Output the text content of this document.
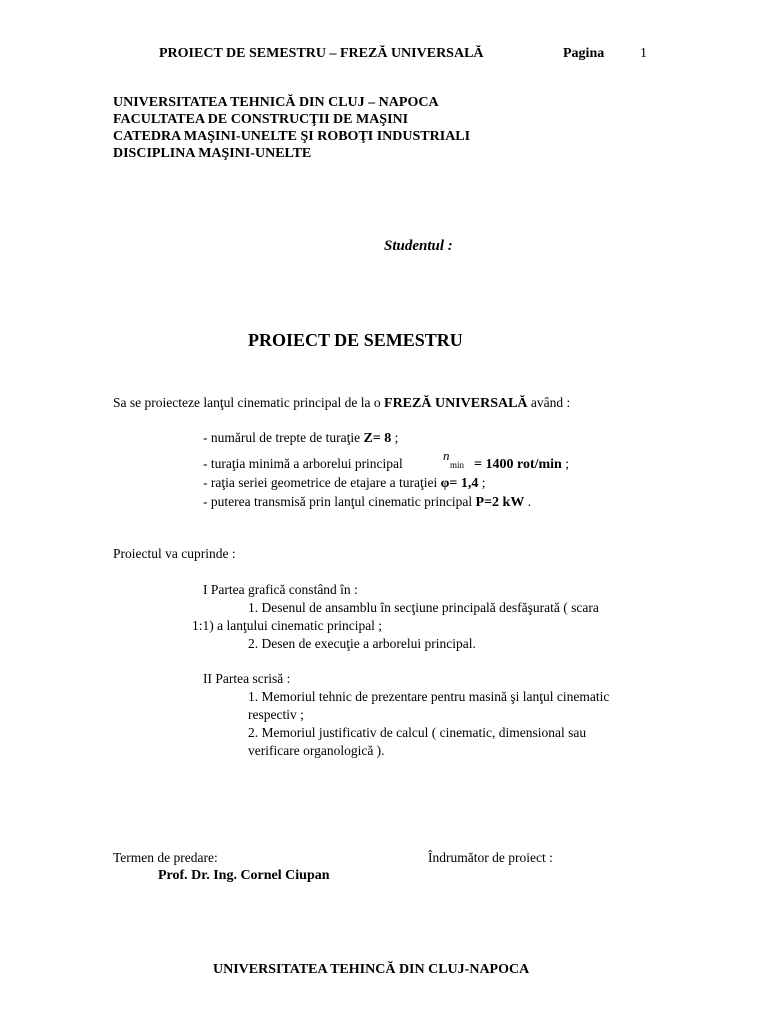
PROIECT DE SEMESTRU – FREZĂ UNIVERSALĂ	Pagina	1
UNIVERSITATEA TEHNICĂ DIN CLUJ – NAPOCA
FACULTATEA DE CONSTRUCŢII DE MAŞINI
CATEDRA MAŞINI-UNELTE ŞI ROBOŢI INDUSTRIALI
DISCIPLINA MAŞINI-UNELTE
Studentul :
PROIECT DE SEMESTRU
Sa se proiecteze lanţul cinematic principal de la o FREZĂ UNIVERSALĂ având :
- numărul de trepte de turaţie Z= 8 ;
- turaţia minimă a arborelui principal
n
min = 1400 rot/min ;
- raţia seriei geometrice de etajare a turaţiei φ= 1,4 ;
- puterea transmisă prin lanţul cinematic principal P=2 kW .
Proiectul va cuprinde :
I Partea grafică constând în :
1. Desenul de ansamblu în secţiune principală desfăşurată ( scara
1:1) a lanţului cinematic principal ;
2. Desen de execuţie a arborelui principal.
II Partea scrisă :
1. Memoriul tehnic de prezentare pentru masină şi lanţul cinematic
respectiv ;
2. Memoriul justificativ de calcul ( cinematic, dimensional sau
verificare organologică ).
Termen de predare:	Îndrumător de proiect :
Prof. Dr. Ing. Cornel Ciupan
UNIVERSITATEA TEHINCĂ DIN CLUJ-NAPOCA
